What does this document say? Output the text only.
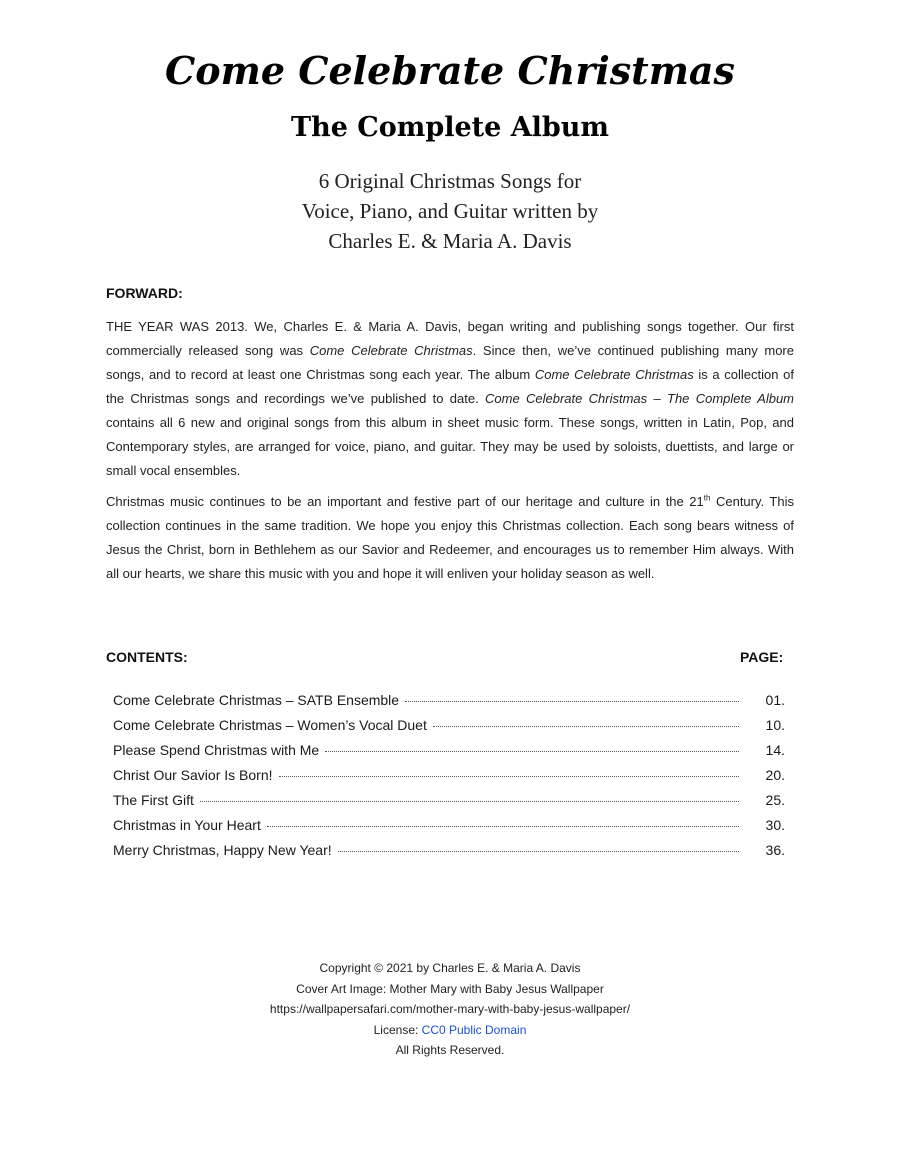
Come Celebrate Christmas
The Complete Album

6 Original Christmas Songs for
Voice, Piano, and Guitar written by
Charles E. & Maria A. Davis

FORWARD:

THE YEAR WAS 2013. We, Charles E. & Maria A. Davis, began writing and publishing songs together. Our first commercially released song was Come Celebrate Christmas. Since then, we’ve continued publishing many more songs, and to record at least one Christmas song each year. The album Come Celebrate Christmas is a collection of the Christmas songs and recordings we’ve published to date. Come Celebrate Christmas – The Complete Album contains all 6 new and original songs from this album in sheet music form. These songs, written in Latin, Pop, and Contemporary styles, are arranged for voice, piano, and guitar. They may be used by soloists, duettists, and large or small vocal ensembles.

Christmas music continues to be an important and festive part of our heritage and culture in the 21th Century. This collection continues in the same tradition. We hope you enjoy this Christmas collection. Each song bears witness of Jesus the Christ, born in Bethlehem as our Savior and Redeemer, and encourages us to remember Him always. With all our hearts, we share this music with you and hope it will enliven your holiday season as well.

CONTENTS:	PAGE:
Come Celebrate Christmas – SATB Ensemble	01.
Come Celebrate Christmas – Women’s Vocal Duet	10.
Please Spend Christmas with Me	14.
Christ Our Savior Is Born!	20.
The First Gift	25.
Christmas in Your Heart	30.
Merry Christmas, Happy New Year!	36.
Copyright © 2021 by Charles E. & Maria A. Davis
Cover Art Image: Mother Mary with Baby Jesus Wallpaper
https://wallpapersafari.com/mother-mary-with-baby-jesus-wallpaper/
License: CC0 Public Domain
All Rights Reserved.
